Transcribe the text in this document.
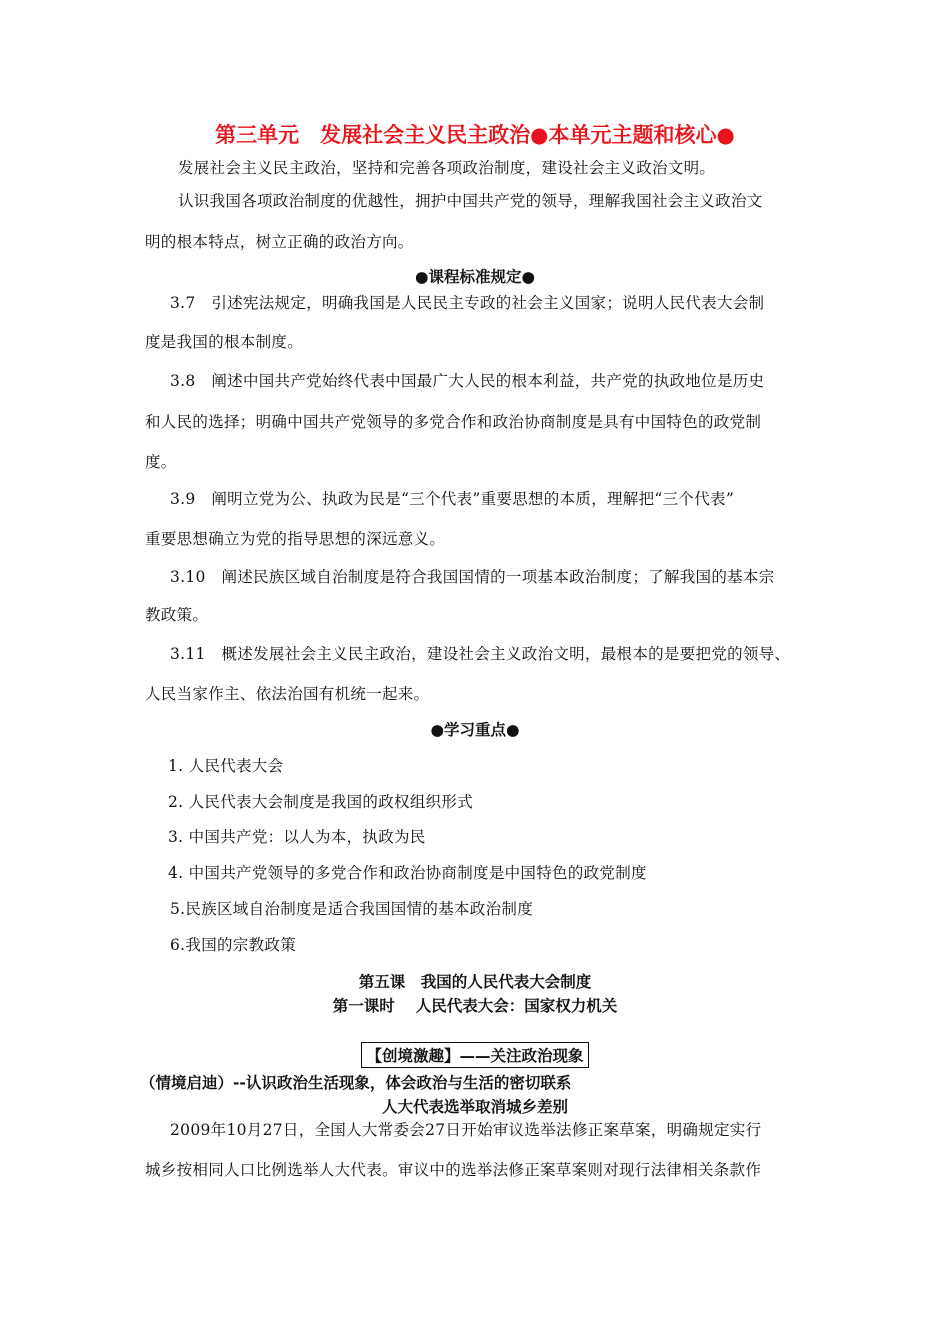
第三单元　发展社会主义民主政治●本单元主题和核心●
发展社会主义民主政治，坚持和完善各项政治制度，建设社会主义政治文明。
认识我国各项政治制度的优越性，拥护中国共产党的领导，理解我国社会主义政治文
明的根本特点，树立正确的政治方向。
●课程标准规定●
3.7　引述宪法规定，明确我国是人民民主专政的社会主义国家；说明人民代表大会制
度是我国的根本制度。
3.8　阐述中国共产党始终代表中国最广大人民的根本利益，共产党的执政地位是历史
和人民的选择；明确中国共产党领导的多党合作和政治协商制度是具有中国特色的政党制
度。
3.9　阐明立党为公、执政为民是“三个代表”重要思想的本质，理解把“三个代表”
重要思想确立为党的指导思想的深远意义。
3.10　阐述民族区域自治制度是符合我国国情的一项基本政治制度；了解我国的基本宗
教政策。
3.11　概述发展社会主义民主政治，建设社会主义政治文明，最根本的是要把党的领导、
人民当家作主、依法治国有机统一起来。
●学习重点●
1. 人民代表大会
2. 人民代表大会制度是我国的政权组织形式
3. 中国共产党：以人为本，执政为民
4. 中国共产党领导的多党合作和政治协商制度是中国特色的政党制度
5.民族区域自治制度是适合我国国情的基本政治制度
6.我国的宗教政策
第五课　我国的人民代表大会制度
第一课时　 人民代表大会：国家权力机关
【创境激趣】——关注政治现象
（情境启迪）--认识政治生活现象，体会政治与生活的密切联系
人大代表选举取消城乡差别
2009年10月27日，全国人大常委会27日开始审议选举法修正案草案，明确规定实行
城乡按相同人口比例选举人大代表。审议中的选举法修正案草案则对现行法律相关条款作
